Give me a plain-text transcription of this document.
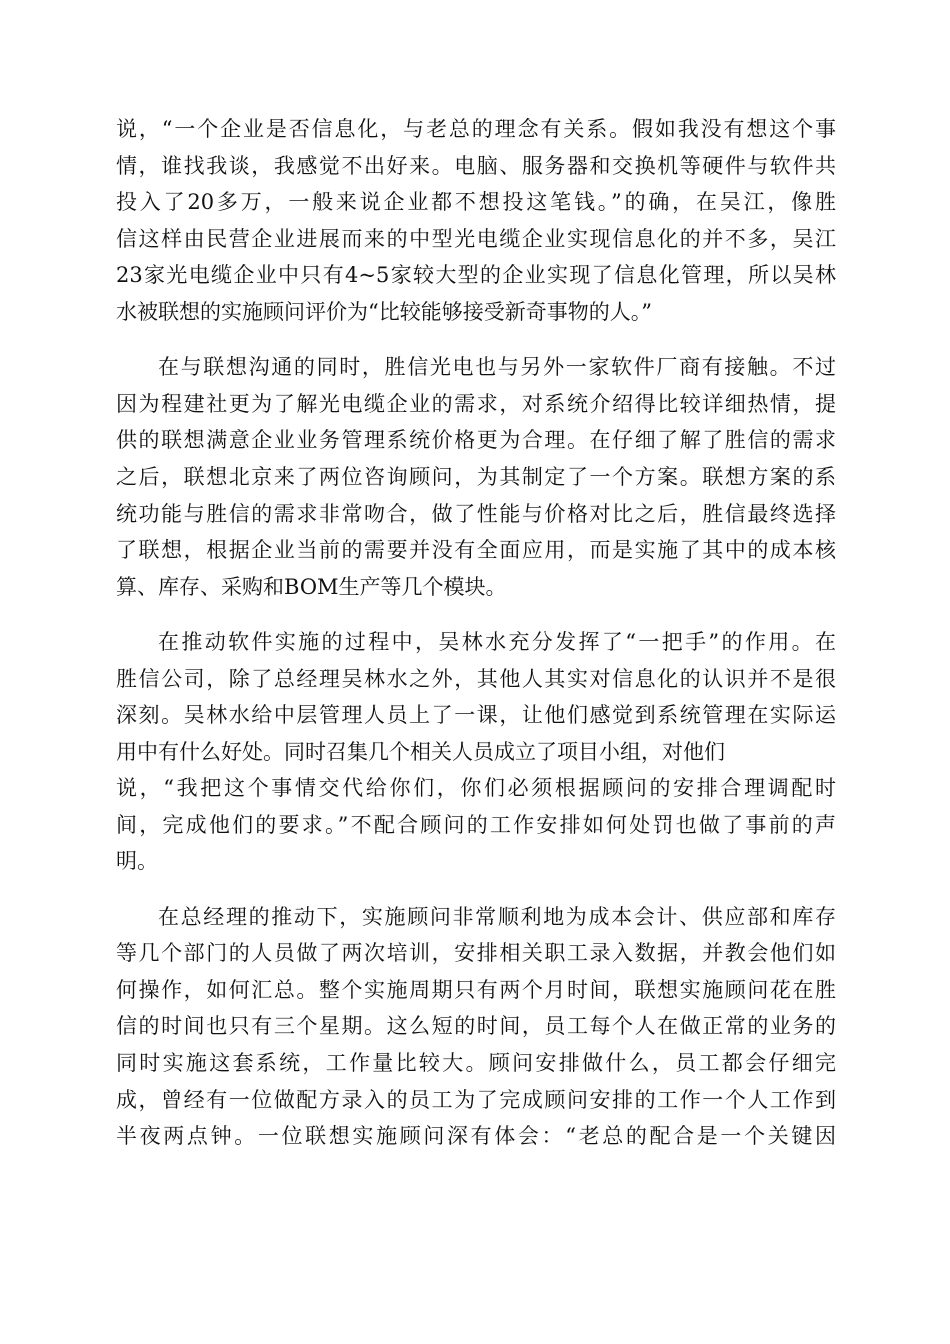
说，“一个企业是否信息化，与老总的理念有关系。假如我没有想这个事
情，谁找我谈，我感觉不出好来。电脑、服务器和交换机等硬件与软件共
投入了20多万，一般来说企业都不想投这笔钱。”的确，在吴江，像胜
信这样由民营企业进展而来的中型光电缆企业实现信息化的并不多，吴江
23家光电缆企业中只有4~5家较大型的企业实现了信息化管理，所以吴林
水被联想的实施顾问评价为“比较能够接受新奇事物的人。”
在与联想沟通的同时，胜信光电也与另外一家软件厂商有接触。不过
因为程建社更为了解光电缆企业的需求，对系统介绍得比较详细热情，提
供的联想满意企业业务管理系统价格更为合理。在仔细了解了胜信的需求
之后，联想北京来了两位咨询顾问，为其制定了一个方案。联想方案的系
统功能与胜信的需求非常吻合，做了性能与价格对比之后，胜信最终选择
了联想，根据企业当前的需要并没有全面应用，而是实施了其中的成本核
算、库存、采购和BOM生产等几个模块。
在推动软件实施的过程中，吴林水充分发挥了“一把手”的作用。在
胜信公司，除了总经理吴林水之外，其他人其实对信息化的认识并不是很
深刻。吴林水给中层管理人员上了一课，让他们感觉到系统管理在实际运
用中有什么好处。同时召集几个相关人员成立了项目小组，对他们
说，“我把这个事情交代给你们，你们必须根据顾问的安排合理调配时
间，完成他们的要求。”不配合顾问的工作安排如何处罚也做了事前的声
明。
在总经理的推动下，实施顾问非常顺利地为成本会计、供应部和库存
等几个部门的人员做了两次培训，安排相关职工录入数据，并教会他们如
何操作，如何汇总。整个实施周期只有两个月时间，联想实施顾问花在胜
信的时间也只有三个星期。这么短的时间，员工每个人在做正常的业务的
同时实施这套系统，工作量比较大。顾问安排做什么，员工都会仔细完
成，曾经有一位做配方录入的员工为了完成顾问安排的工作一个人工作到
半夜两点钟。一位联想实施顾问深有体会：“老总的配合是一个关键因
